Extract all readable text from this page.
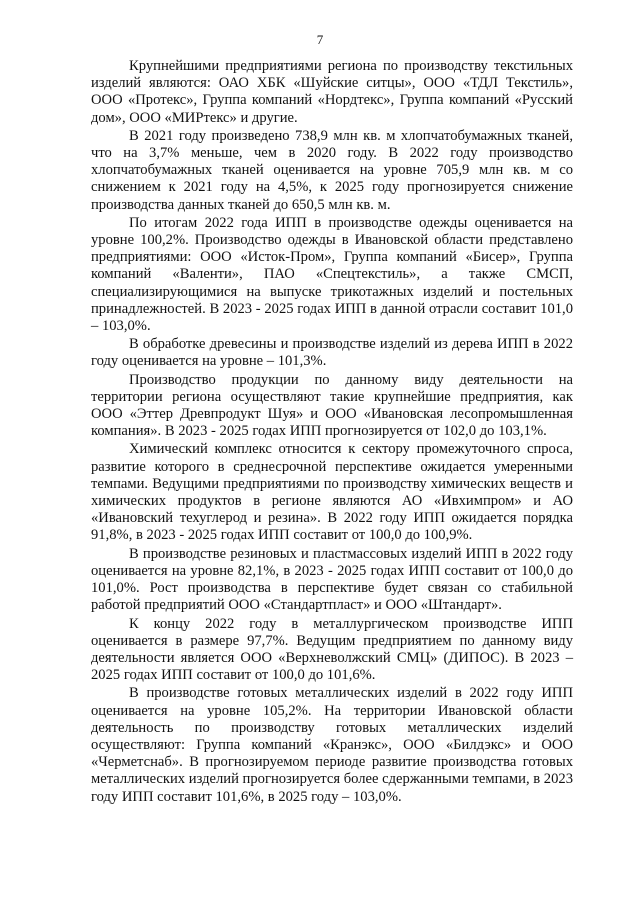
7

Крупнейшими предприятиями региона по производству текстильных изделий являются: ОАО ХБК «Шуйские ситцы», ООО «ТДЛ Текстиль», ООО «Протекс», Группа компаний «Нордтекс», Группа компаний «Русский дом», ООО «МИРтекс» и другие.

В 2021 году произведено 738,9 млн кв. м хлопчатобумажных тканей, что на 3,7% меньше, чем в 2020 году. В 2022 году производство хлопчатобумажных тканей оценивается на уровне 705,9 млн кв. м со снижением к 2021 году на 4,5%, к 2025 году прогнозируется снижение производства данных тканей до 650,5 млн кв. м.

По итогам 2022 года ИПП в производстве одежды оценивается на уровне 100,2%. Производство одежды в Ивановской области представлено предприятиями: ООО «Исток-Пром», Группа компаний «Бисер», Группа компаний «Валенти», ПАО «Спецтекстиль», а также СМСП, специализирующимися на выпуске трикотажных изделий и постельных принадлежностей. В 2023 - 2025 годах ИПП в данной отрасли составит 101,0 – 103,0%.

В обработке древесины и производстве изделий из дерева ИПП в 2022 году оценивается на уровне – 101,3%.

Производство продукции по данному виду деятельности на территории региона осуществляют такие крупнейшие предприятия, как ООО «Эттер Древпродукт Шуя» и ООО «Ивановская лесопромышленная компания». В 2023 - 2025 годах ИПП прогнозируется от 102,0 до 103,1%.

Химический комплекс относится к сектору промежуточного спроса, развитие которого в среднесрочной перспективе ожидается умеренными темпами. Ведущими предприятиями по производству химических веществ и химических продуктов в регионе являются АО «Ивхимпром» и АО «Ивановский техуглерод и резина». В 2022 году ИПП ожидается порядка 91,8%, в 2023 - 2025 годах ИПП составит от 100,0 до 100,9%.

В производстве резиновых и пластмассовых изделий ИПП в 2022 году оценивается на уровне 82,1%, в 2023 - 2025 годах ИПП составит от 100,0 до 101,0%. Рост производства в перспективе будет связан со стабильной работой предприятий ООО «Стандартпласт» и ООО «Штандарт».

К концу 2022 году в металлургическом производстве ИПП оценивается в размере 97,7%. Ведущим предприятием по данному виду деятельности является ООО «Верхневолжский СМЦ» (ДИПОС). В 2023 – 2025 годах ИПП составит от 100,0 до 101,6%.

В производстве готовых металлических изделий в 2022 году ИПП оценивается на уровне 105,2%. На территории Ивановской области деятельность по производству готовых металлических изделий осуществляют: Группа компаний «Кранэкс», ООО «Билдэкс» и ООО «Черметснаб». В прогнозируемом периоде развитие производства готовых металлических изделий прогнозируется более сдержанными темпами, в 2023 году ИПП составит 101,6%, в 2025 году – 103,0%.
